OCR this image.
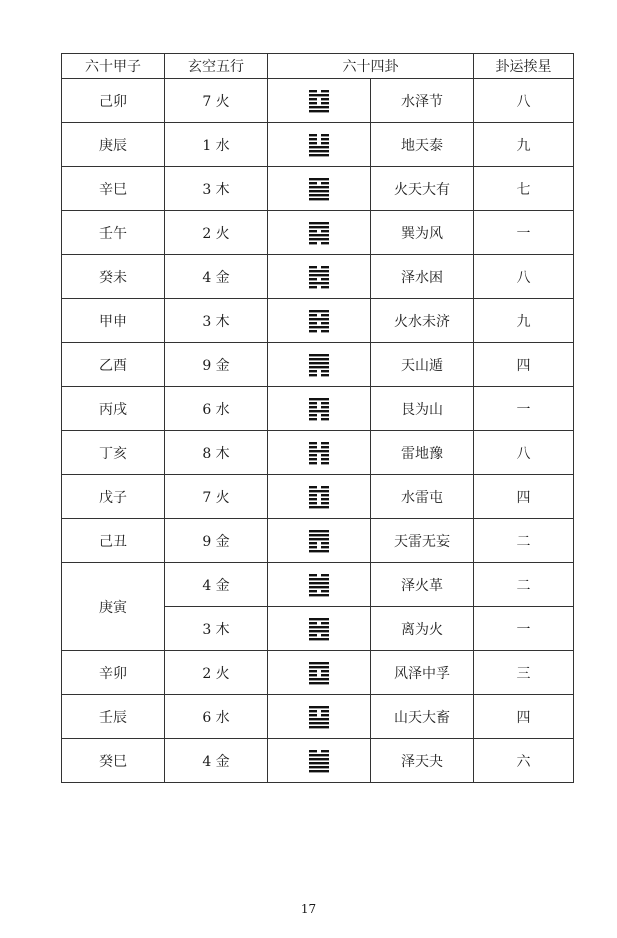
六十甲子	玄空五行	六十四卦		卦运挨星
己卯	7 火		水泽节	八
庚辰	1 水		地天泰	九
辛巳	3 木		火天大有	七
壬午	2 火		巽为风	一
癸未	4 金		泽水困	八
甲申	3 木		火水未济	九
乙酉	9 金		天山遁	四
丙戌	6 水		艮为山	一
丁亥	8 木		雷地豫	八
戊子	7 火		水雷屯	四
己丑	9 金		天雷无妄	二
庚寅	4 金		泽火革	二
	3 木		离为火	一
辛卯	2 火		风泽中孚	三
壬辰	6 水		山天大畜	四
癸巳	4 金		泽天夬	六
17
